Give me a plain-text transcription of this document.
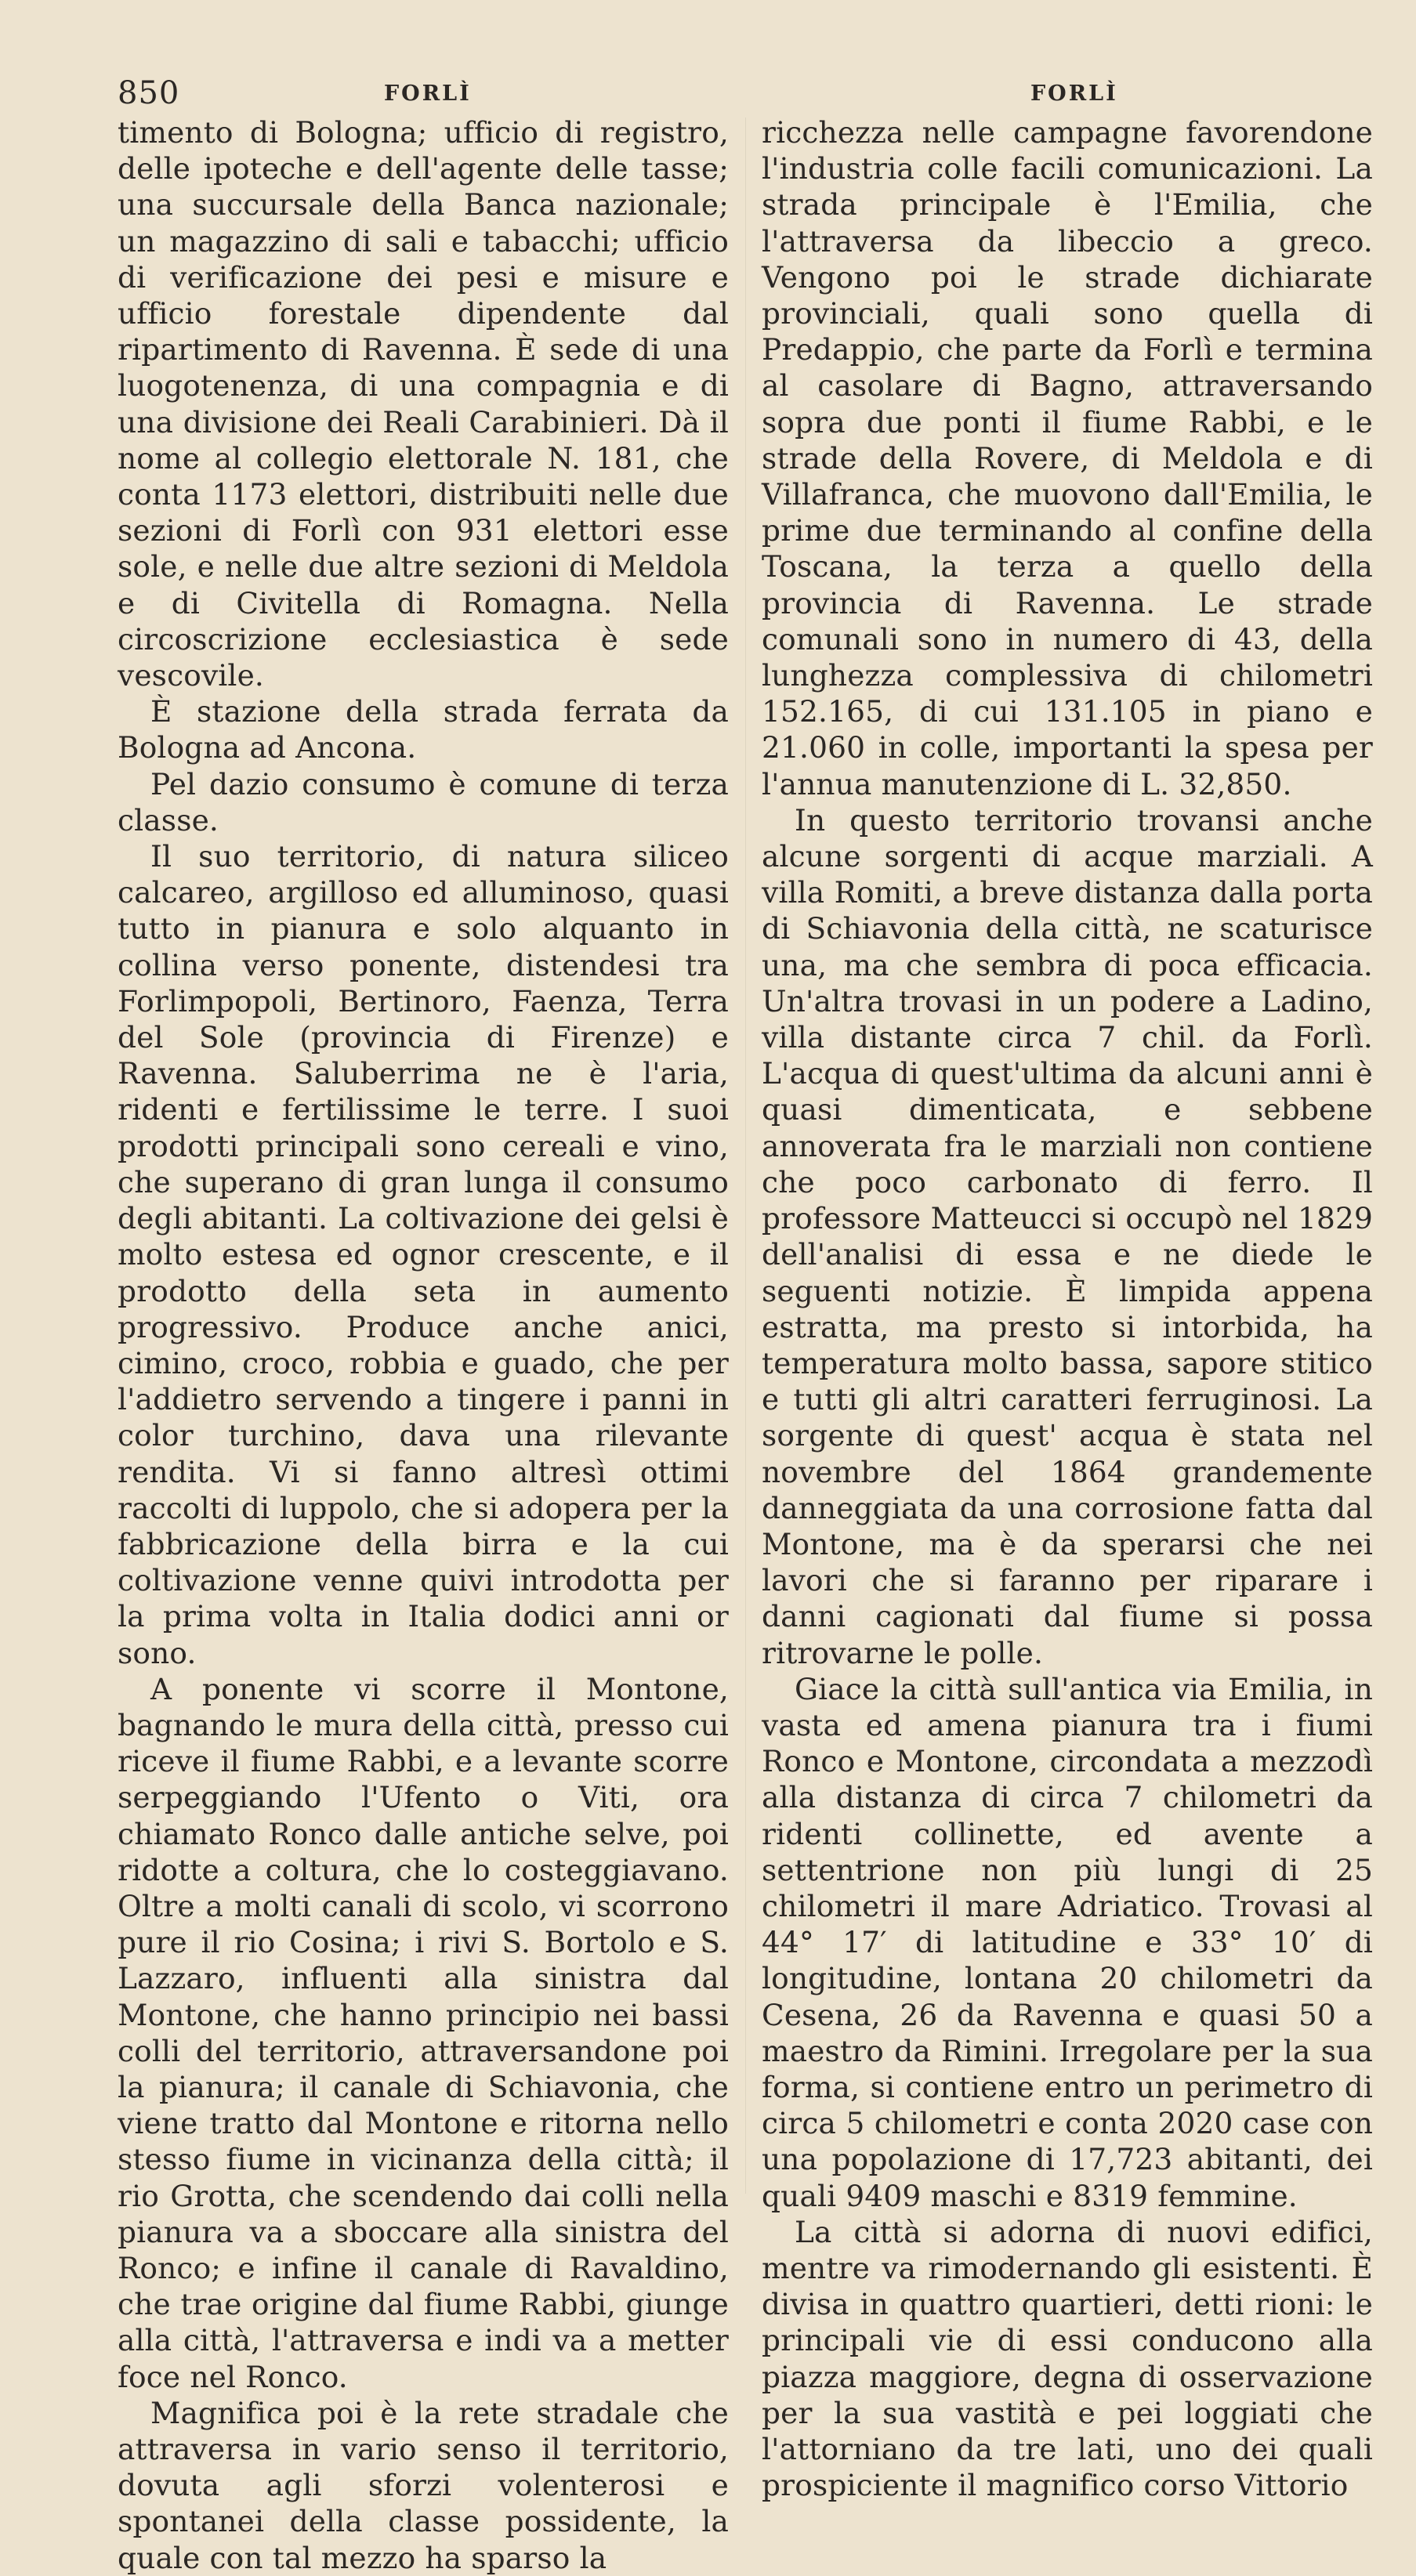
850	FORLÌ	FORLÌ

timento di Bologna; ufficio di registro, delle ipoteche e dell'agente delle tasse; una succursale della Banca nazionale; un magazzino di sali e tabacchi; ufficio di verificazione dei pesi e misure e ufficio forestale dipendente dal ripartimento di Ravenna. È sede di una luogotenenza, di una compagnia e di una divisione dei Reali Carabinieri. Dà il nome al collegio elettorale N. 181, che conta 1173 elettori, distribuiti nelle due sezioni di Forlì con 931 elettori esse sole, e nelle due altre sezioni di Meldola e di Civitella di Romagna. Nella circoscrizione ecclesiastica è sede vescovile.

È stazione della strada ferrata da Bologna ad Ancona.

Pel dazio consumo è comune di terza classe.

Il suo territorio, di natura siliceo calcareo, argilloso ed alluminoso, quasi tutto in pianura e solo alquanto in collina verso ponente, distendesi tra Forlimpopoli, Bertinoro, Faenza, Terra del Sole (provincia di Firenze) e Ravenna. Saluberrima ne è l'aria, ridenti e fertilissime le terre. I suoi prodotti principali sono cereali e vino, che superano di gran lunga il consumo degli abitanti. La coltivazione dei gelsi è molto estesa ed ognor crescente, e il prodotto della seta in aumento progressivo. Produce anche anici, cimino, croco, robbia e guado, che per l'addietro servendo a tingere i panni in color turchino, dava una rilevante rendita. Vi si fanno altresì ottimi raccolti di luppolo, che si adopera per la fabbricazione della birra e la cui coltivazione venne quivi introdotta per la prima volta in Italia dodici anni or sono.

A ponente vi scorre il Montone, bagnando le mura della città, presso cui riceve il fiume Rabbi, e a levante scorre serpeggiando l'Ufento o Viti, ora chiamato Ronco dalle antiche selve, poi ridotte a coltura, che lo costeggiavano. Oltre a molti canali di scolo, vi scorrono pure il rio Cosina; i rivi S. Bortolo e S. Lazzaro, influenti alla sinistra dal Montone, che hanno principio nei bassi colli del territorio, attraversandone poi la pianura; il canale di Schiavonia, che viene tratto dal Montone e ritorna nello stesso fiume in vicinanza della città; il rio Grotta, che scendendo dai colli nella pianura va a sboccare alla sinistra del Ronco; e infine il canale di Ravaldino, che trae origine dal fiume Rabbi, giunge alla città, l'attraversa e indi va a metter foce nel Ronco.

Magnifica poi è la rete stradale che attraversa in vario senso il territorio, dovuta agli sforzi volenterosi e spontanei della classe possidente, la quale con tal mezzo ha sparso la

ricchezza nelle campagne favorendone l'industria colle facili comunicazioni. La strada principale è l'Emilia, che l'attraversa da libeccio a greco. Vengono poi le strade dichiarate provinciali, quali sono quella di Predappio, che parte da Forlì e termina al casolare di Bagno, attraversando sopra due ponti il fiume Rabbi, e le strade della Rovere, di Meldola e di Villafranca, che muovono dall'Emilia, le prime due terminando al confine della Toscana, la terza a quello della provincia di Ravenna. Le strade comunali sono in numero di 43, della lunghezza complessiva di chilometri 152.165, di cui 131.105 in piano e 21.060 in colle, importanti la spesa per l'annua manutenzione di L. 32,850.

In questo territorio trovansi anche alcune sorgenti di acque marziali. A villa Romiti, a breve distanza dalla porta di Schiavonia della città, ne scaturisce una, ma che sembra di poca efficacia. Un'altra trovasi in un podere a Ladino, villa distante circa 7 chil. da Forlì. L'acqua di quest'ultima da alcuni anni è quasi dimenticata, e sebbene annoverata fra le marziali non contiene che poco carbonato di ferro. Il professore Matteucci si occupò nel 1829 dell'analisi di essa e ne diede le seguenti notizie. È limpida appena estratta, ma presto si intorbida, ha temperatura molto bassa, sapore stitico e tutti gli altri caratteri ferruginosi. La sorgente di quest' acqua è stata nel novembre del 1864 grandemente danneggiata da una corrosione fatta dal Montone, ma è da sperarsi che nei lavori che si faranno per riparare i danni cagionati dal fiume si possa ritrovarne le polle.

Giace la città sull'antica via Emilia, in vasta ed amena pianura tra i fiumi Ronco e Montone, circondata a mezzodì alla distanza di circa 7 chilometri da ridenti collinette, ed avente a settentrione non più lungi di 25 chilometri il mare Adriatico. Trovasi al 44° 17′ di latitudine e 33° 10′ di longitudine, lontana 20 chilometri da Cesena, 26 da Ravenna e quasi 50 a maestro da Rimini. Irregolare per la sua forma, si contiene entro un perimetro di circa 5 chilometri e conta 2020 case con una popolazione di 17,723 abitanti, dei quali 9409 maschi e 8319 femmine.

La città si adorna di nuovi edifici, mentre va rimodernando gli esistenti. È divisa in quattro quartieri, detti rioni: le principali vie di essi conducono alla piazza maggiore, degna di osservazione per la sua vastità e pei loggiati che l'attorniano da tre lati, uno dei quali prospiciente il magnifico corso Vittorio
